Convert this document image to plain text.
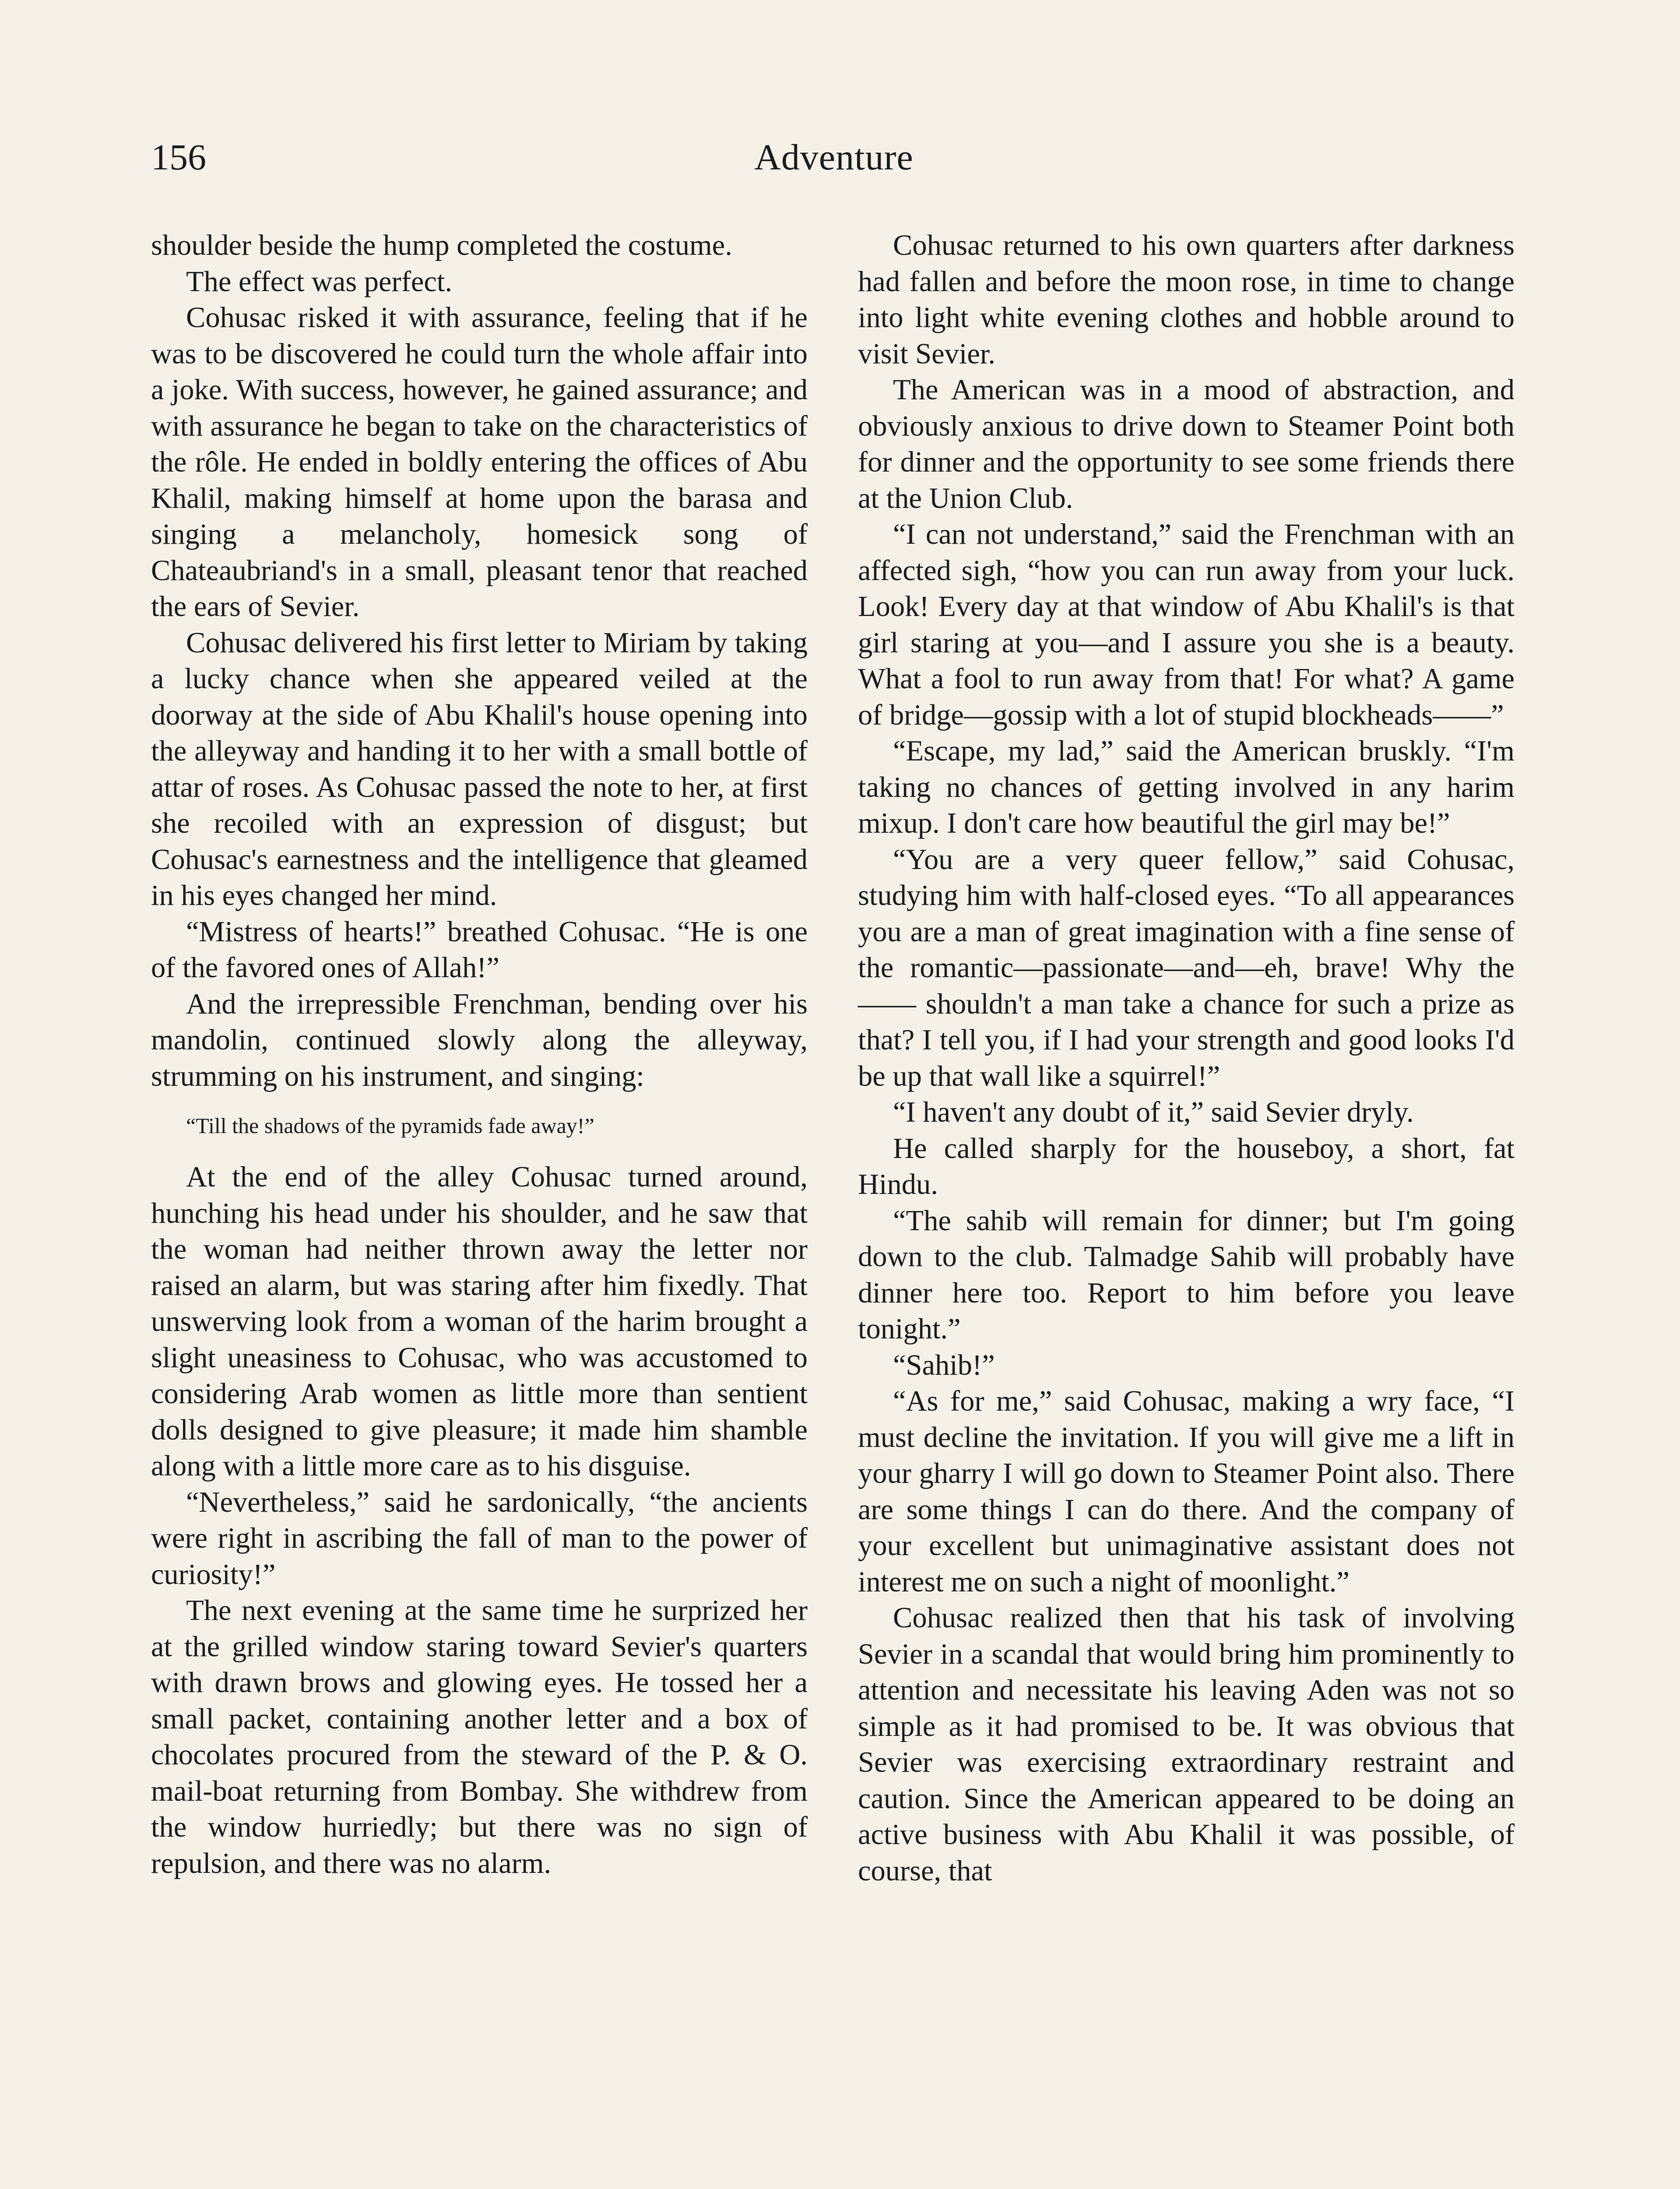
156	Adventure

shoulder beside the hump completed the costume.

The effect was perfect.

Cohusac risked it with assurance, feeling that if he was to be discovered he could turn the whole affair into a joke. With success, however, he gained assurance; and with assurance he began to take on the characteristics of the rôle. He ended in boldly entering the offices of Abu Khalil, making himself at home upon the barasa and singing a melancholy, homesick song of Chateaubriand's in a small, pleasant tenor that reached the ears of Sevier.

Cohusac delivered his first letter to Miriam by taking a lucky chance when she appeared veiled at the doorway at the side of Abu Khalil's house opening into the alleyway and handing it to her with a small bottle of attar of roses. As Cohusac passed the note to her, at first she recoiled with an expression of disgust; but Cohusac's earnestness and the intelligence that gleamed in his eyes changed her mind.

“Mistress of hearts!” breathed Cohusac. “He is one of the favored ones of Allah!”

And the irrepressible Frenchman, bending over his mandolin, continued slowly along the alleyway, strumming on his instrument, and singing:

“Till the shadows of the pyramids fade away!”

At the end of the alley Cohusac turned around, hunching his head under his shoulder, and he saw that the woman had neither thrown away the letter nor raised an alarm, but was staring after him fixedly. That unswerving look from a woman of the harim brought a slight uneasiness to Cohusac, who was accustomed to considering Arab women as little more than sentient dolls designed to give pleasure; it made him shamble along with a little more care as to his disguise.

“Nevertheless,” said he sardonically, “the ancients were right in ascribing the fall of man to the power of curiosity!”

The next evening at the same time he surprized her at the grilled window staring toward Sevier's quarters with drawn brows and glowing eyes. He tossed her a small packet, containing another letter and a box of chocolates procured from the steward of the P. & O. mail-boat returning from Bombay. She withdrew from the window hurriedly; but there was no sign of repulsion, and there was no alarm.

Cohusac returned to his own quarters after darkness had fallen and before the moon rose, in time to change into light white evening clothes and hobble around to visit Sevier.

The American was in a mood of abstraction, and obviously anxious to drive down to Steamer Point both for dinner and the opportunity to see some friends there at the Union Club.

“I can not understand,” said the Frenchman with an affected sigh, “how you can run away from your luck. Look! Every day at that window of Abu Khalil's is that girl staring at you—and I assure you she is a beauty. What a fool to run away from that! For what? A game of bridge—gossip with a lot of stupid blockheads——”

“Escape, my lad,” said the American bruskly. “I'm taking no chances of getting involved in any harim mixup. I don't care how beautiful the girl may be!”

“You are a very queer fellow,” said Cohusac, studying him with half-closed eyes. “To all appearances you are a man of great imagination with a fine sense of the romantic—passionate—and—eh, brave! Why the —— shouldn't a man take a chance for such a prize as that? I tell you, if I had your strength and good looks I'd be up that wall like a squirrel!”

“I haven't any doubt of it,” said Sevier dryly.

He called sharply for the houseboy, a short, fat Hindu.

“The sahib will remain for dinner; but I'm going down to the club. Talmadge Sahib will probably have dinner here too. Report to him before you leave tonight.”

“Sahib!”

“As for me,” said Cohusac, making a wry face, “I must decline the invitation. If you will give me a lift in your gharry I will go down to Steamer Point also. There are some things I can do there. And the company of your excellent but unimaginative assistant does not interest me on such a night of moonlight.”

Cohusac realized then that his task of involving Sevier in a scandal that would bring him prominently to attention and necessitate his leaving Aden was not so simple as it had promised to be. It was obvious that Sevier was exercising extraordinary restraint and caution. Since the American appeared to be doing an active business with Abu Khalil it was possible, of course, that
